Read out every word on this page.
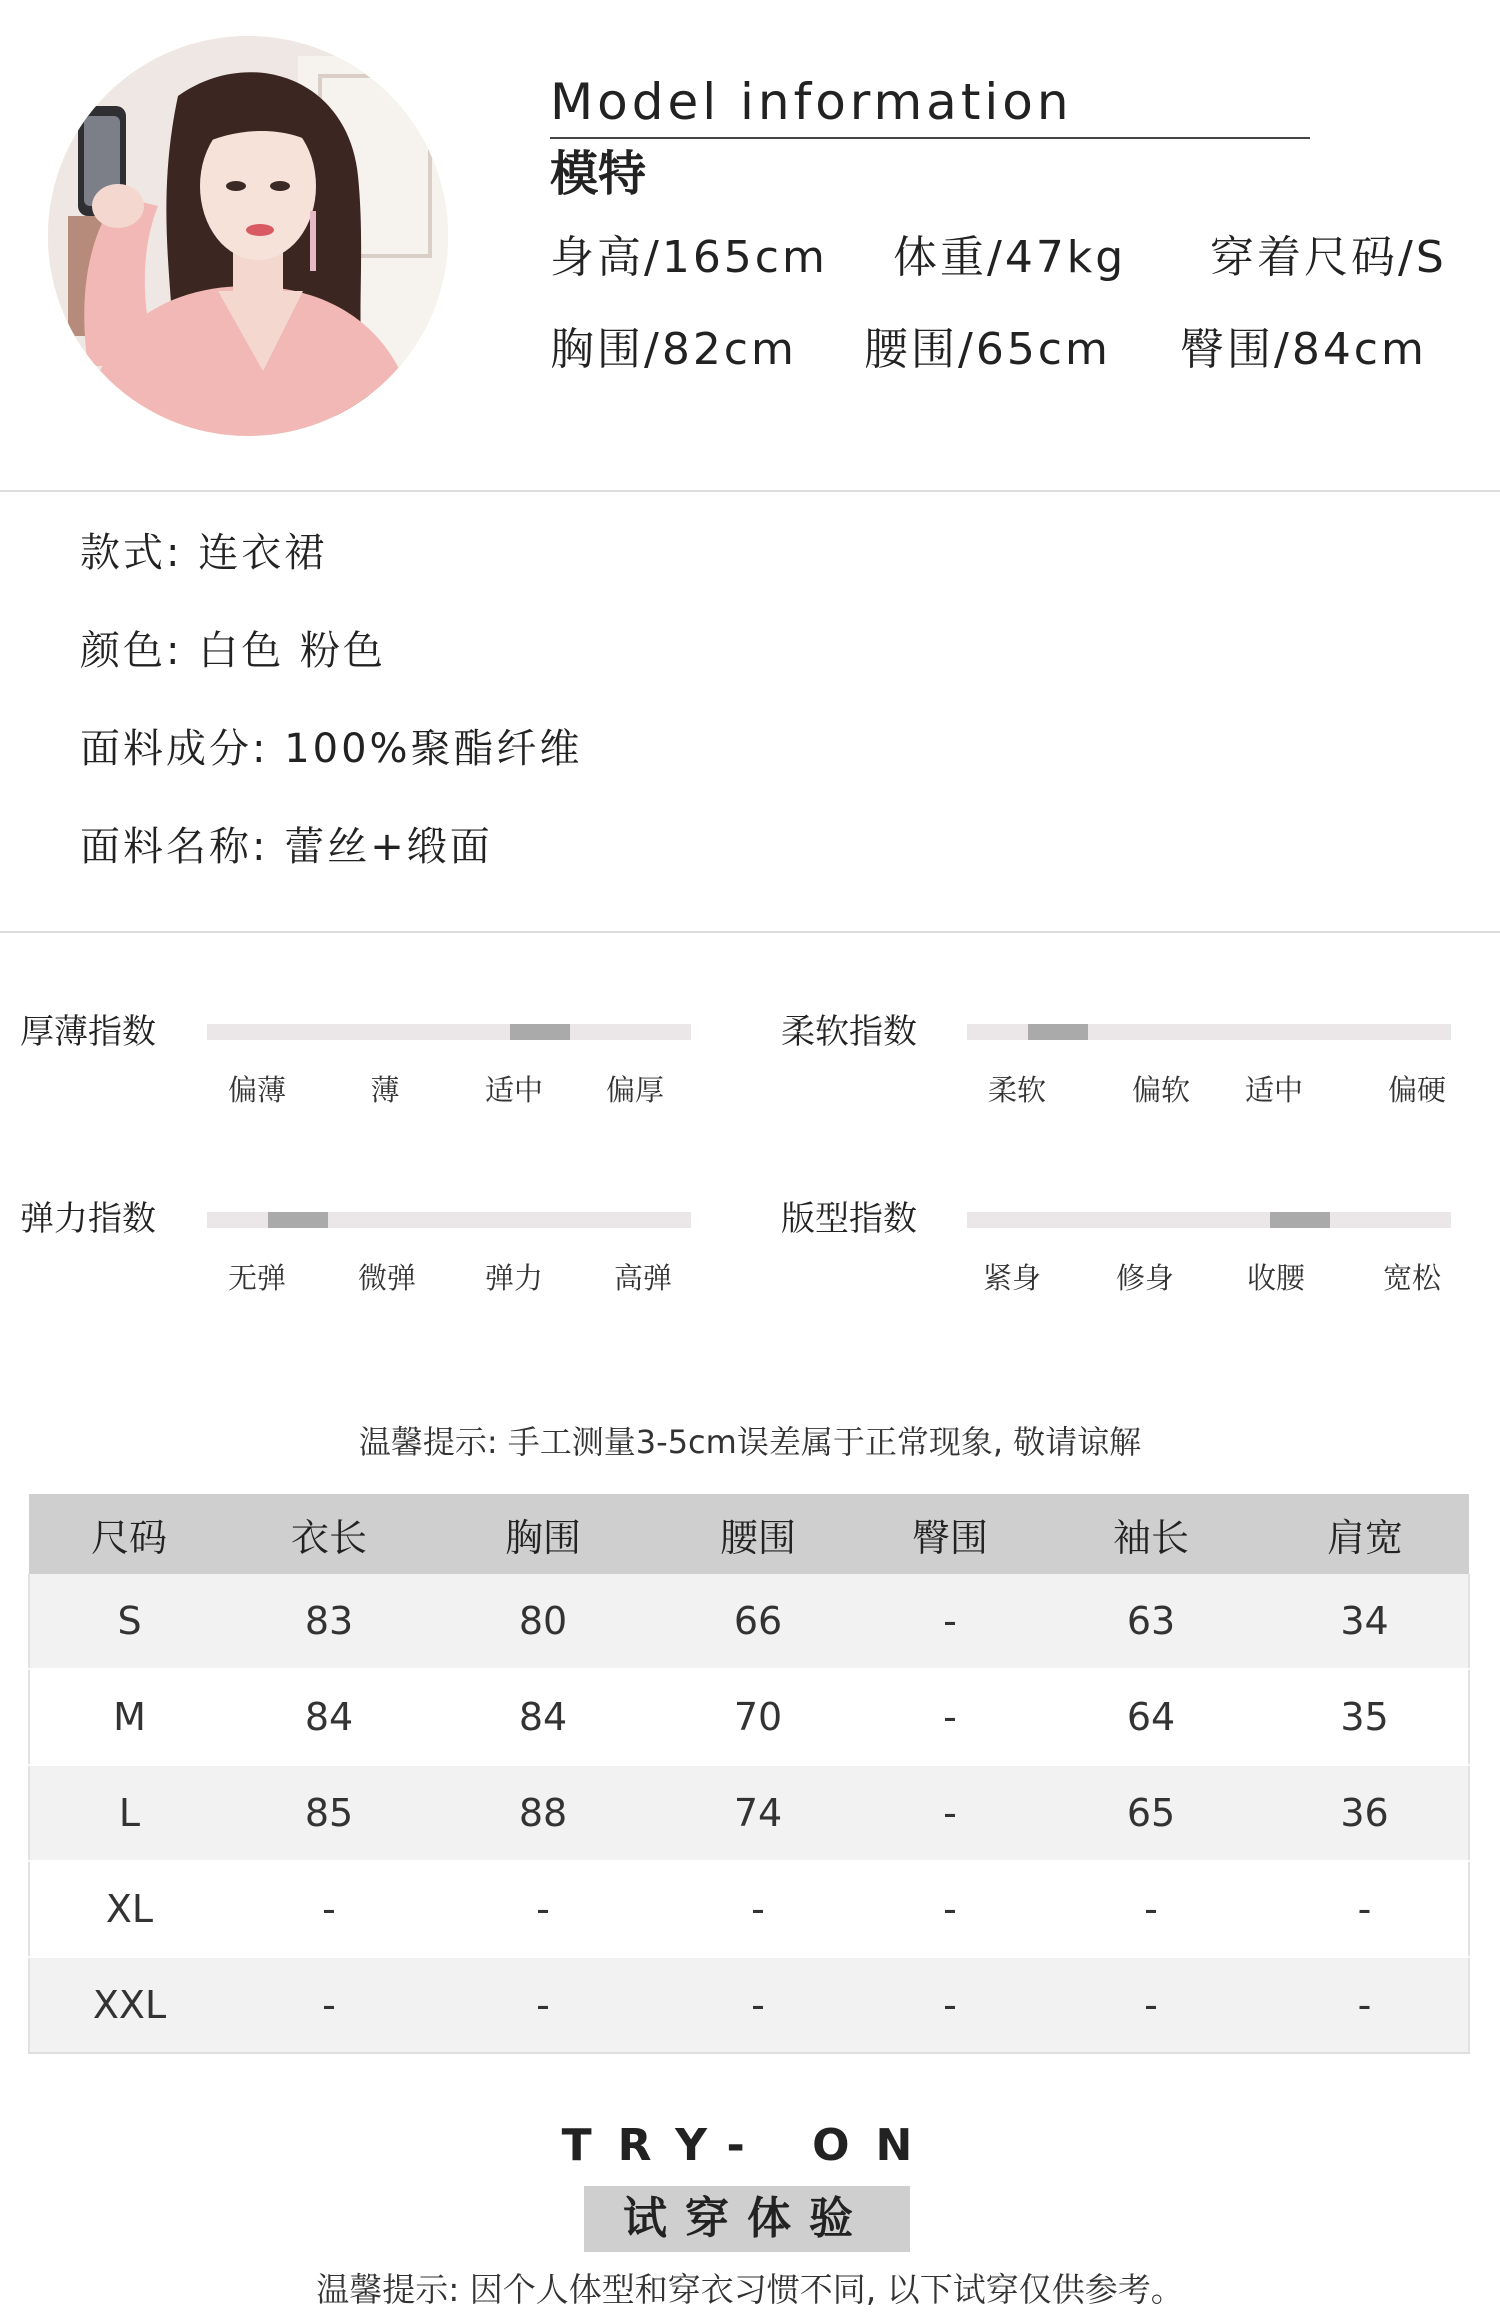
Model information
模特
身高/165cm 体重/47kg 穿着尺码/S
胸围/82cm 腰围/65cm 臀围/84cm
款式: 连衣裙
颜色: 白色 粉色
面料成分: 100%聚酯纤维
面料名称: 蕾丝+缎面
厚薄指数
偏薄	薄	适中 偏厚
柔软指数
柔软	偏软 适中	偏硬
弹力指数
无弹 微弹 弹力 高弹
版型指数
紧身	修身	收腰	宽松
温馨提示: 手工测量3-5cm误差属于正常现象, 敬请谅解
尺码	衣长	胸围	腰围	臀围	袖长	肩宽
S	83	80	66	-	63	34
M	84	84	70	-	64	35
L	85	88	74	-	65	36
XL	-	-	-	-	-	-
XXL	-	-	-	-	-	-
TRY- ON
试穿体验
温馨提示: 因个人体型和穿衣习惯不同, 以下试穿仅供参考。
